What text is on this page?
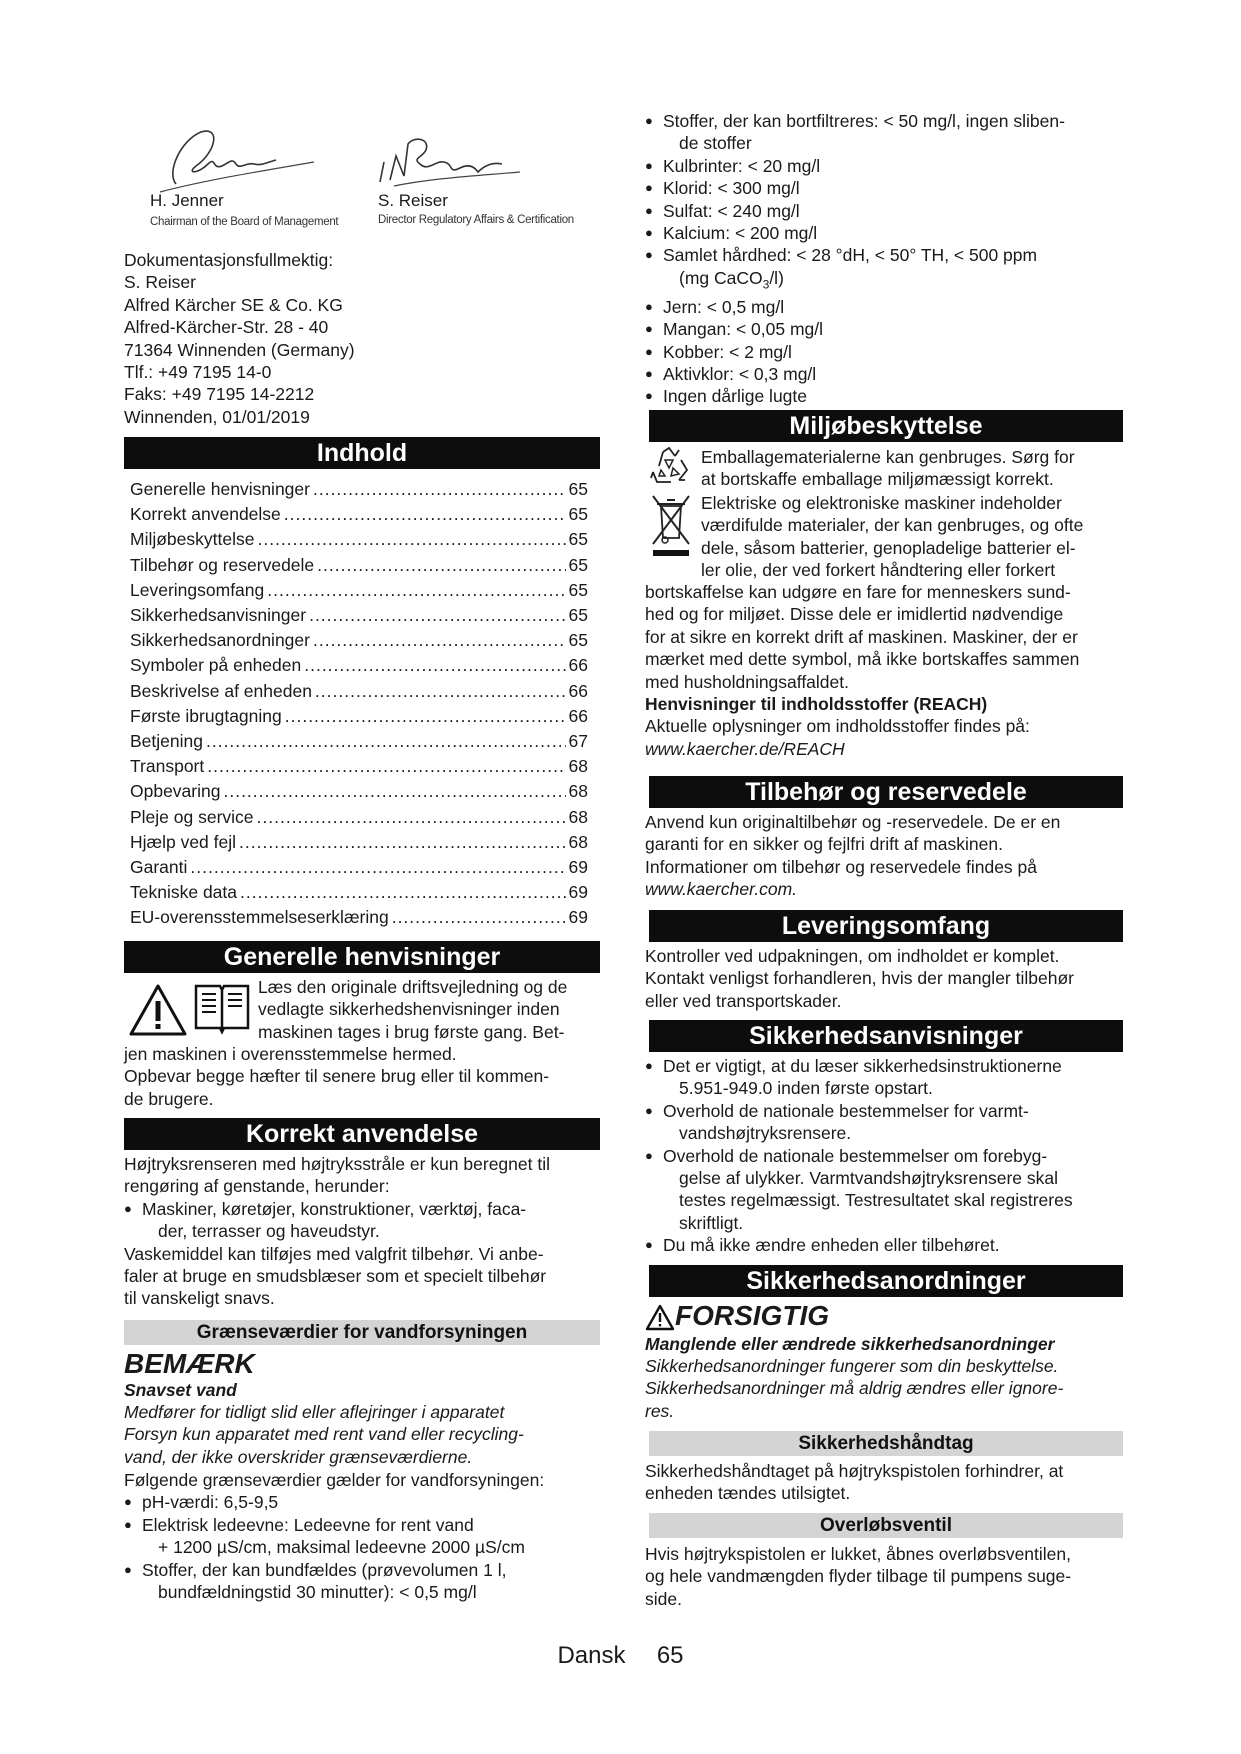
H. Jenner
Chairman of the Board of Management
S. Reiser
Director Regulatory Affairs & Certification

Dokumentasjonsfullmektig:

S. Reiser

Alfred Kärcher SE & Co. KG

Alfred-Kärcher-Str. 28 - 40

71364 Winnenden (Germany)

Tlf.: +49 7195 14-0

Faks: +49 7195 14-2212

Winnenden, 01/01/2019

Indhold
Generelle henvisninger .....	65
Korrekt anvendelse .....	65
Miljøbeskyttelse .....	65
Tilbehør og reservedele .....	65
Leveringsomfang .....	65
Sikkerhedsanvisninger .....	65
Sikkerhedsanordninger .....	65
Symboler på enheden .....	66
Beskrivelse af enheden .....	66
Første ibrugtagning .....	66
Betjening .....	67
Transport .....	68
Opbevaring .....	68
Pleje og service .....	68
Hjælp ved fejl .....	68
Garanti .....	69
Tekniske data .....	69
EU-overensstemmelseserklæring .....	69
Generelle henvisninger

Læs den originale driftsvejledning og de

vedlagte sikkerhedshenvisninger inden

maskinen tages i brug første gang. Bet-

jen maskinen i overensstemmelse hermed.

Opbevar begge hæfter til senere brug eller til kommen-

de brugere.

Korrekt anvendelse

Højtryksrenseren med højtryksstråle er kun beregnet til

rengøring af genstande, herunder:

● Maskiner, køretøjer, konstruktioner, værktøj, faca-

der, terrasser og haveudstyr.

Vaskemiddel kan tilføjes med valgfrit tilbehør. Vi anbe-

faler at bruge en smudsblæser som et specielt tilbehør

til vanskeligt snavs.

Grænseværdier for vandforsyningen
BEMÆRK
Snavset vand

Medfører for tidligt slid eller aflejringer i apparatet

Forsyn kun apparatet med rent vand eller recycling-

vand, der ikke overskrider grænseværdierne.

Følgende grænseværdier gælder for vandforsyningen:

● pH-værdi: 6,5-9,5

● Elektrisk ledeevne: Ledeevne for rent vand

+ 1200 µS/cm, maksimal ledeevne 2000 µS/cm

● Stoffer, der kan bundfældes (prøvevolumen 1 l,

bundfældningstid 30 minutter): < 0,5 mg/l

● Stoffer, der kan bortfiltreres: < 50 mg/l, ingen sliben-

de stoffer

● Kulbrinter: < 20 mg/l

● Klorid: < 300 mg/l

● Sulfat: < 240 mg/l

● Kalcium: < 200 mg/l

● Samlet hårdhed: < 28 °dH, < 50° TH, < 500 ppm

(mg CaCO$_3$/l)

● Jern: < 0,5 mg/l

● Mangan: < 0,05 mg/l

● Kobber: < 2 mg/l

● Aktivklor: < 0,3 mg/l

● Ingen dårlige lugte

Miljøbeskyttelse

Emballagematerialerne kan genbruges. Sørg for

at bortskaffe emballage miljømæssigt korrekt.

Elektriske og elektroniske maskiner indeholder

værdifulde materialer, der kan genbruges, og ofte

dele, såsom batterier, genopladelige batterier el-

ler olie, der ved forkert håndtering eller forkert

bortskaffelse kan udgøre en fare for menneskers sund-

hed og for miljøet. Disse dele er imidlertid nødvendige

for at sikre en korrekt drift af maskinen. Maskiner, der er

mærket med dette symbol, må ikke bortskaffes sammen

med husholdningsaffaldet.

Henvisninger til indholdsstoffer (REACH)

Aktuelle oplysninger om indholdsstoffer findes på:

www.kaercher.de/REACH

Tilbehør og reservedele

Anvend kun originaltilbehør og -reservedele. De er en

garanti for en sikker og fejlfri drift af maskinen.

Informationer om tilbehør og reservedele findes på

www.kaercher.com.

Leveringsomfang

Kontroller ved udpakningen, om indholdet er komplet.

Kontakt venligst forhandleren, hvis der mangler tilbehør

eller ved transportskader.

Sikkerhedsanvisninger

● Det er vigtigt, at du læser sikkerhedsinstruktionerne

5.951-949.0 inden første opstart.

● Overhold de nationale bestemmelser for varmt-

vandshøjtryksrensere.

● Overhold de nationale bestemmelser om forebyg-

gelse af ulykker. Varmtvandshøjtryksrensere skal

testes regelmæssigt. Testresultatet skal registreres

skriftligt.

● Du må ikke ændre enheden eller tilbehøret.

Sikkerhedsanordninger
FORSIGTIG
Manglende eller ændrede sikkerhedsanordninger

Sikkerhedsanordninger fungerer som din beskyttelse.

Sikkerhedsanordninger må aldrig ændres eller ignore-

res.

Sikkerhedshåndtag

Sikkerhedshåndtaget på højtrykspistolen forhindrer, at

enheden tændes utilsigtet.

Overløbsventil

Hvis højtrykspistolen er lukket, åbnes overløbsventilen,

og hele vandmængden flyder tilbage til pumpens suge-

side.

Dansk 65
